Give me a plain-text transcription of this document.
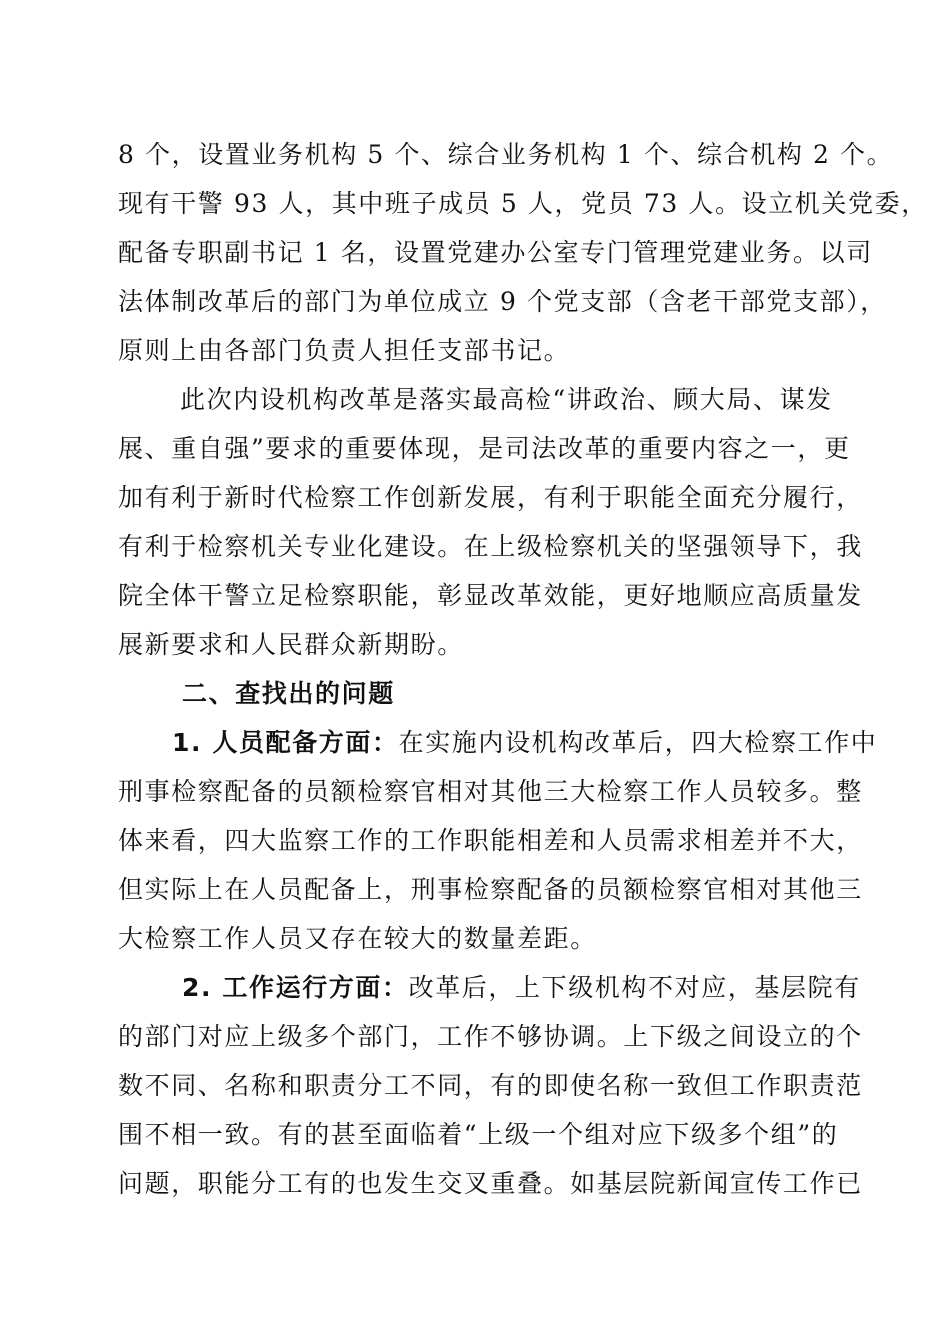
8 个，设置业务机构 5 个、综合业务机构 1 个、综合机构 2 个。
现有干警 93 人，其中班子成员 5 人，党员 73 人。设立机关党委，
配备专职副书记 1 名，设置党建办公室专门管理党建业务。以司
法体制改革后的部门为单位成立 9 个党支部（含老干部党支部），
原则上由各部门负责人担任支部书记。
此次内设机构改革是落实最高检“讲政治、顾大局、谋发
展、重自强”要求的重要体现，是司法改革的重要内容之一，更
加有利于新时代检察工作创新发展，有利于职能全面充分履行，
有利于检察机关专业化建设。在上级检察机关的坚强领导下，我
院全体干警立足检察职能，彰显改革效能，更好地顺应高质量发
展新要求和人民群众新期盼。
二、查找出的问题
1. 人员配备方面：在实施内设机构改革后，四大检察工作中
刑事检察配备的员额检察官相对其他三大检察工作人员较多。整
体来看，四大监察工作的工作职能相差和人员需求相差并不大，
但实际上在人员配备上，刑事检察配备的员额检察官相对其他三
大检察工作人员又存在较大的数量差距。
2. 工作运行方面：改革后，上下级机构不对应，基层院有
的部门对应上级多个部门，工作不够协调。上下级之间设立的个
数不同、名称和职责分工不同，有的即使名称一致但工作职责范
围不相一致。有的甚至面临着“上级一个组对应下级多个组”的
问题，职能分工有的也发生交叉重叠。如基层院新闻宣传工作已
